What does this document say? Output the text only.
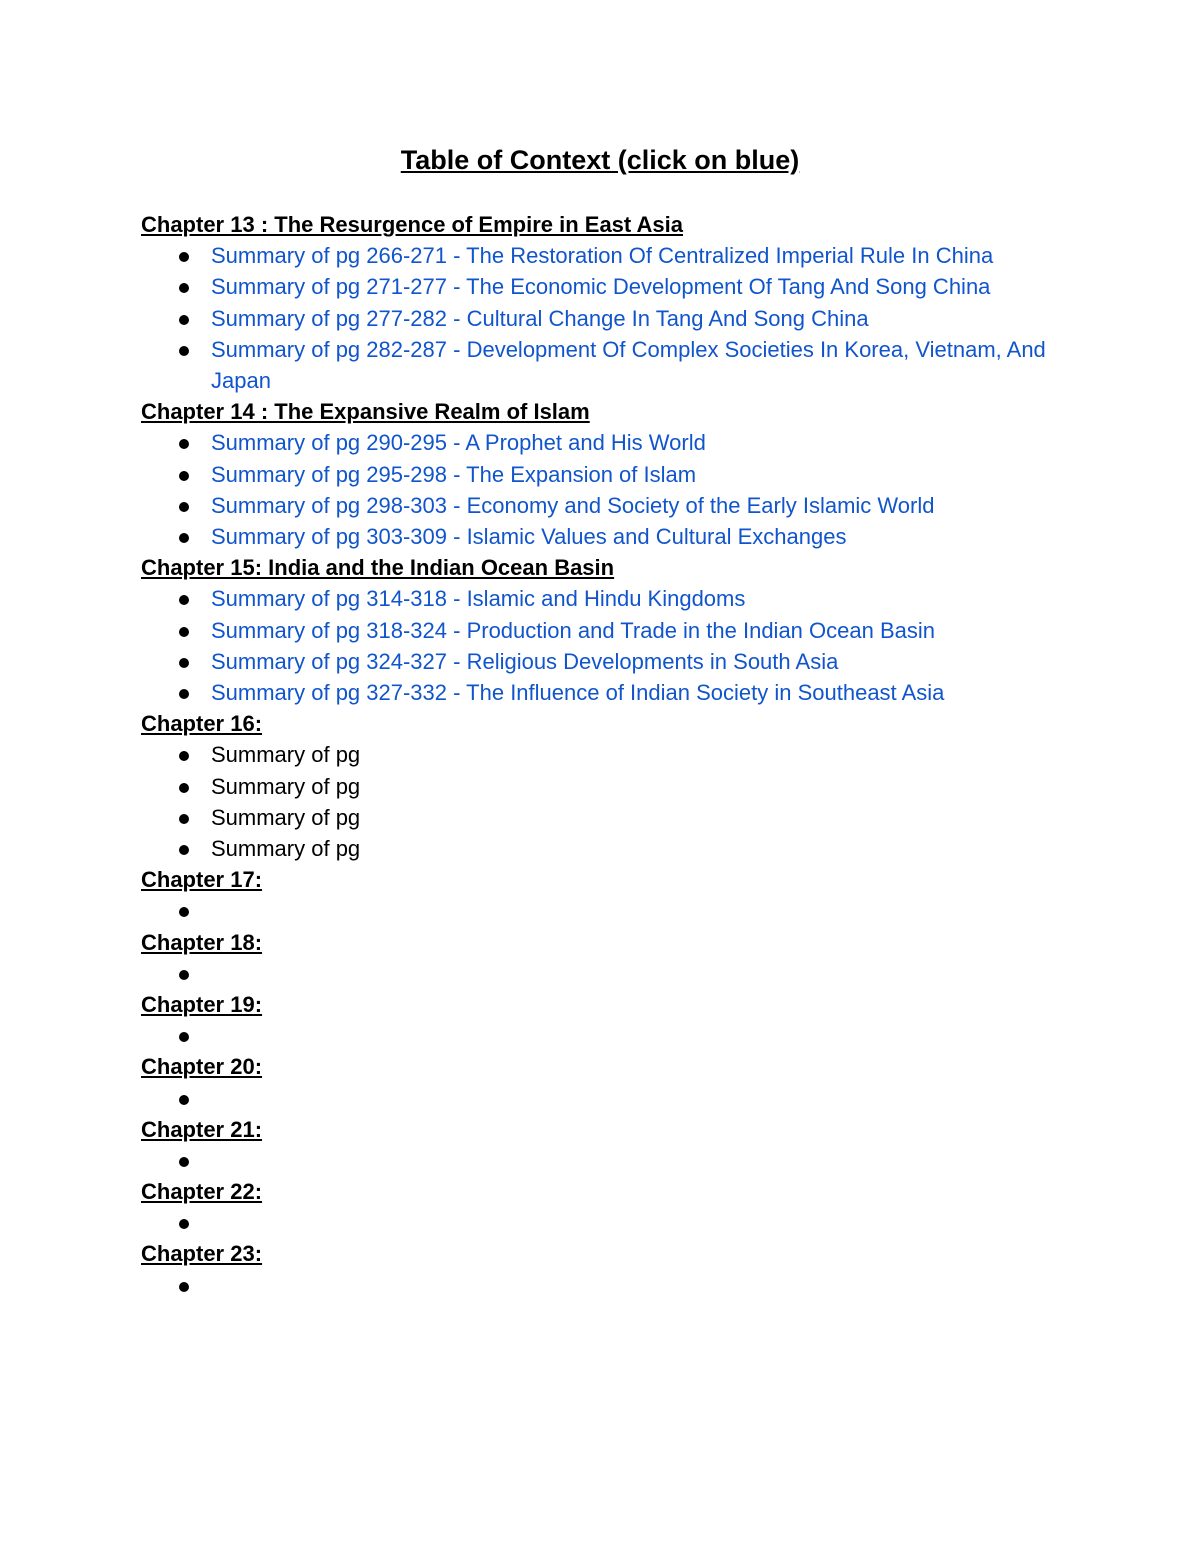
Table of Context (click on blue)
Chapter 13 : The Resurgence of Empire in East Asia
Summary of pg 266-271 - The Restoration Of Centralized Imperial Rule In China
Summary of pg 271-277 - The Economic Development Of Tang And Song China
Summary of pg 277-282 - Cultural Change In Tang And Song China
Summary of pg 282-287 - Development Of Complex Societies In Korea, Vietnam, And Japan
Chapter 14 : The Expansive Realm of Islam
Summary of pg 290-295 - A Prophet and His World
Summary of pg 295-298 - The Expansion of Islam
Summary of pg 298-303 - Economy and Society of the Early Islamic World
Summary of pg 303-309 - Islamic Values and Cultural Exchanges
Chapter 15: India and the Indian Ocean Basin
Summary of pg 314-318 - Islamic and Hindu Kingdoms
Summary of pg 318-324 - Production and Trade in the Indian Ocean Basin
Summary of pg 324-327 - Religious Developments in South Asia
Summary of pg 327-332 - The Influence of Indian Society in Southeast Asia
Chapter 16:
Summary of pg
Summary of pg
Summary of pg
Summary of pg
Chapter 17:
Chapter 18:
Chapter 19:
Chapter 20:
Chapter 21:
Chapter 22:
Chapter 23:
